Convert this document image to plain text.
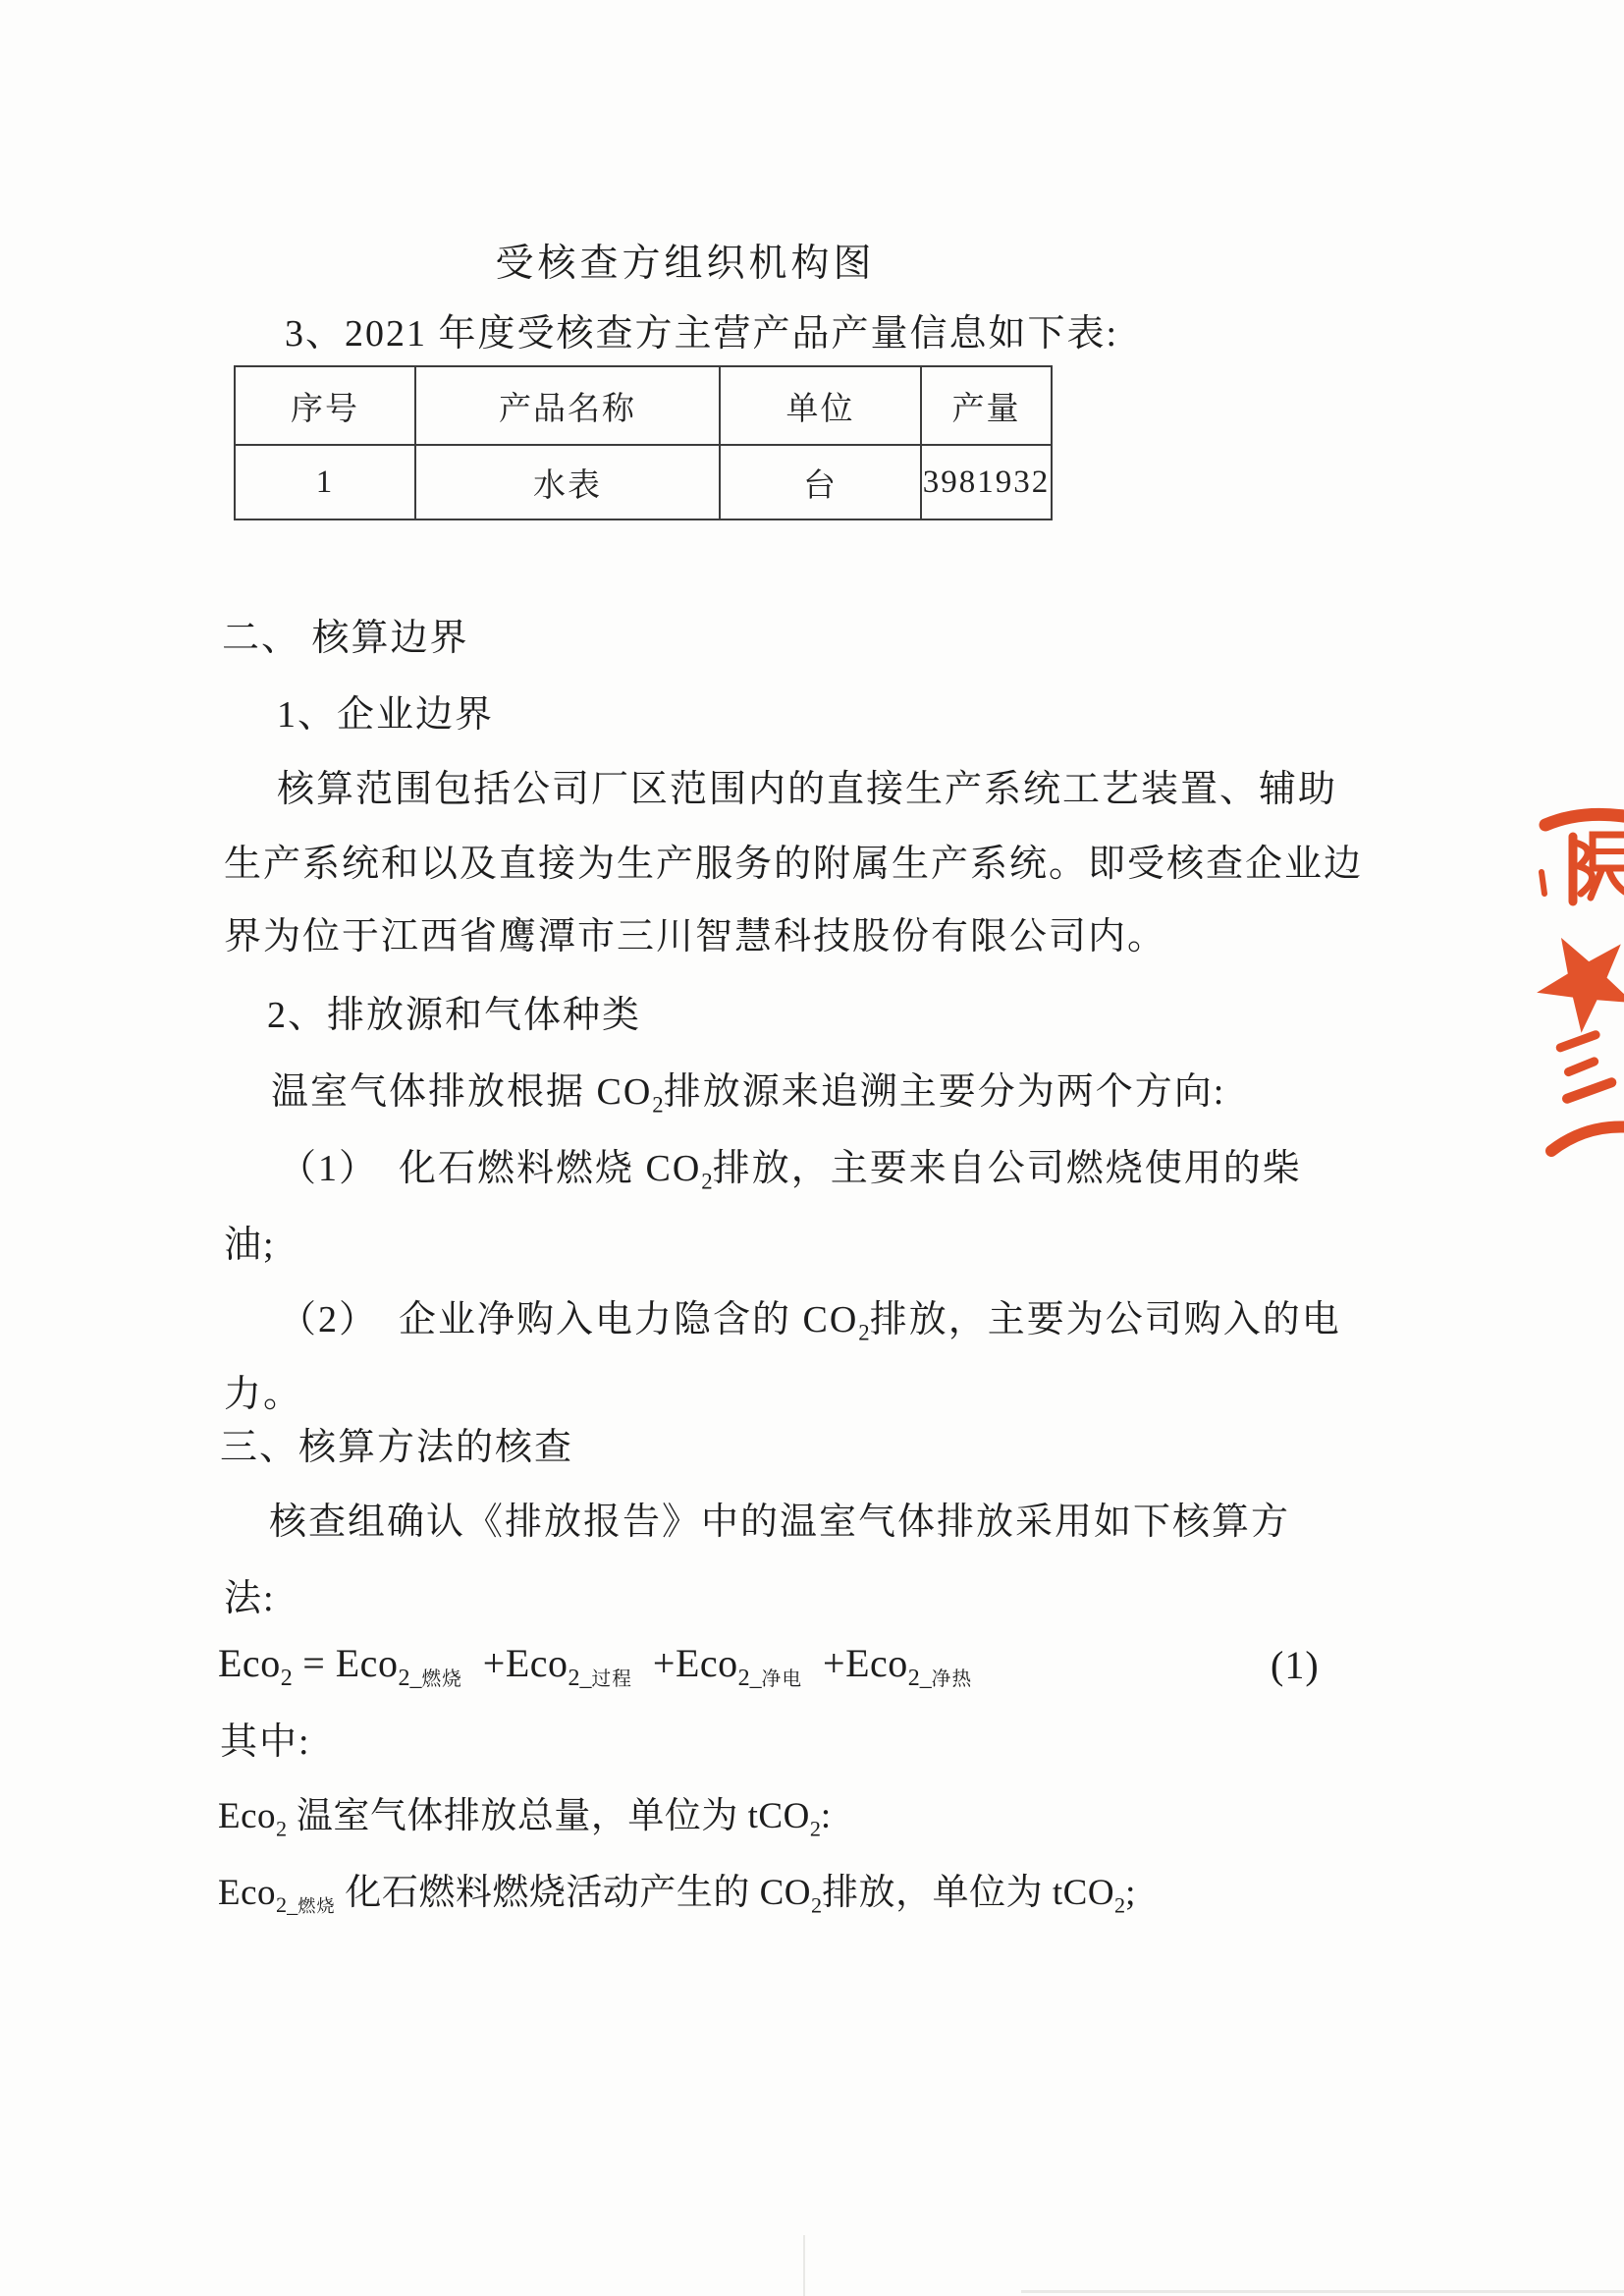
受核查方组织机构图
3、2021 年度受核查方主营产品产量信息如下表:
序号	产品名称	单位	产量
1	水表	台	3981932
二、 核算边界
1、企业边界
核算范围包括公司厂区范围内的直接生产系统工艺装置、辅助
生产系统和以及直接为生产服务的附属生产系统。即受核查企业边
界为位于江西省鹰潭市三川智慧科技股份有限公司内。
2、排放源和气体种类
温室气体排放根据 $CO_2$排放源来追溯主要分为两个方向:
（1）　化石燃料燃烧 $CO_2$排放，主要来自公司燃烧使用的柴
油;
（2）　企业净购入电力隐含的 $CO_2$排放，主要为公司购入的电
力。
三、核算方法的核查
核查组确认《排放报告》中的温室气体排放采用如下核算方
法:
Eco$_2$ = Eco$_{2\_燃烧}$  +Eco$_{2\_过程}$  +Eco$_{2\_净电}$  +Eco$_{2\_净热}$	(1)
其中:
Eco$_2$ 温室气体排放总量，单位为 tCO$_2$:
Eco$_{2\_燃烧}$ 化石燃料燃烧活动产生的 $CO_2$排放，单位为 tCO$_2$;
